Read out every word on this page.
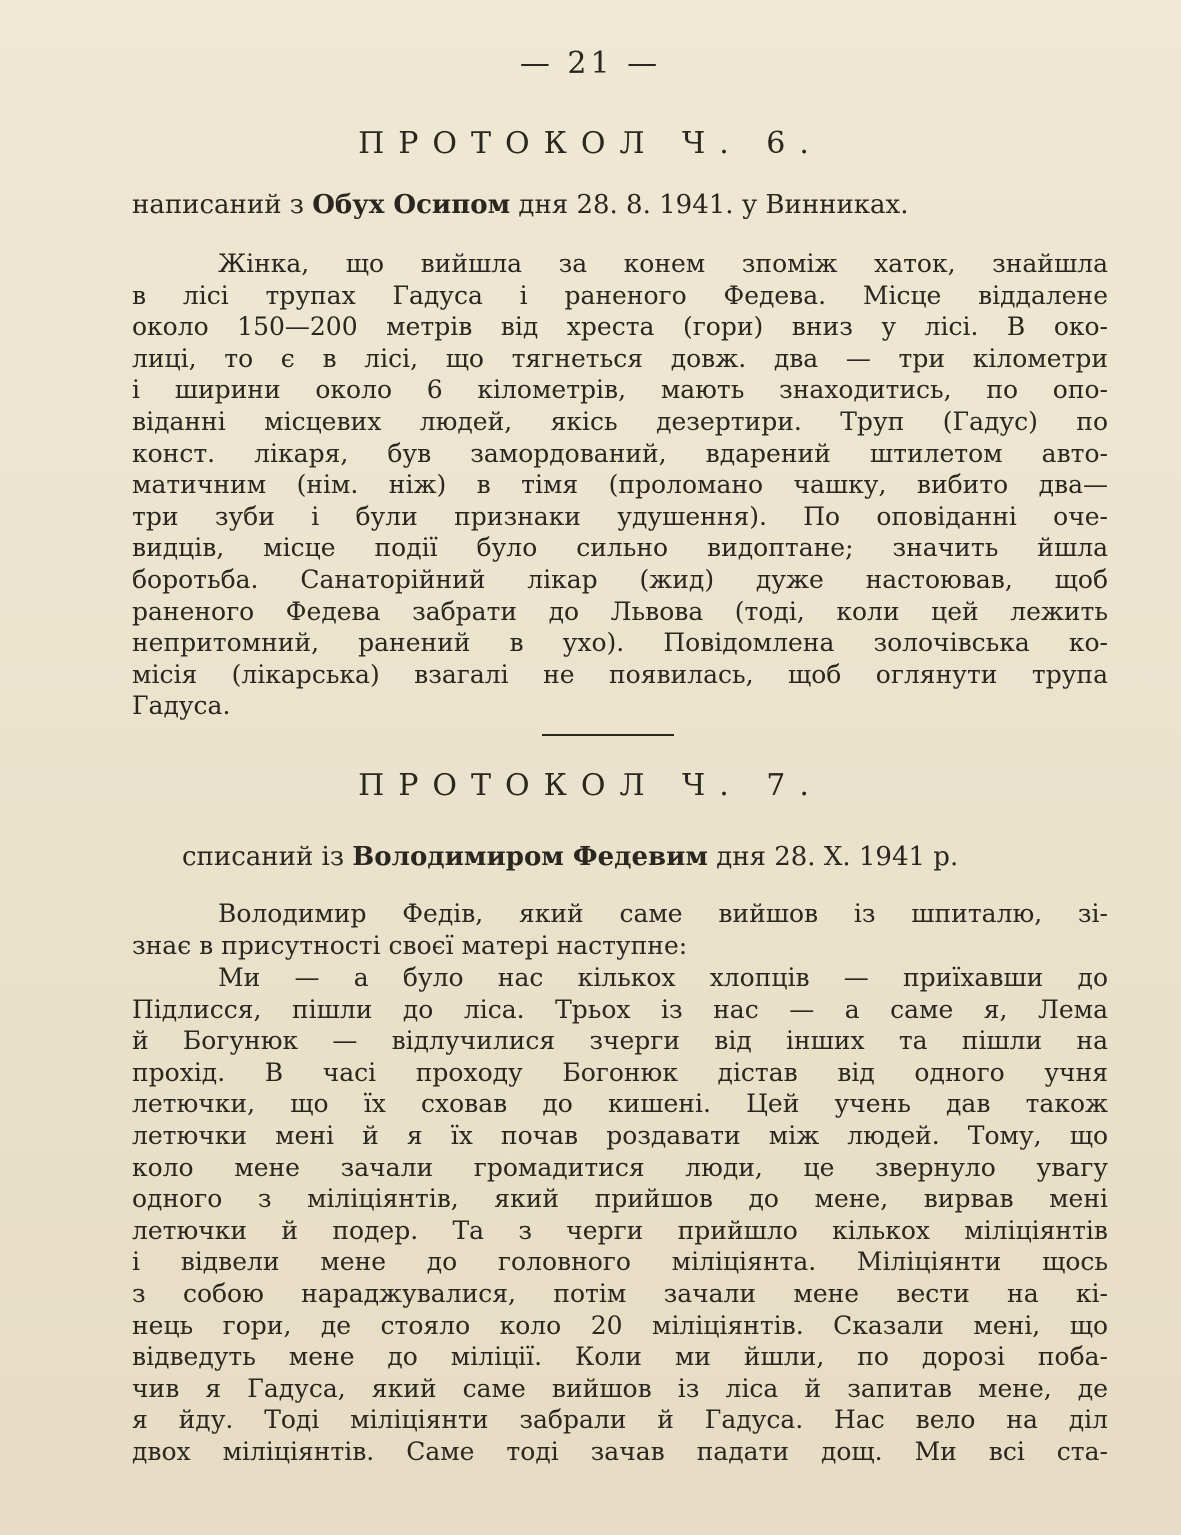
— 21 —
ПРОТОКОЛ Ч. 6.
написаний з Обух Осипом дня 28. 8. 1941. у Винниках.
Жінка, що вийшла за конем зпоміж хаток, знайшла
в лісі трупах Гадуса і раненого Федева. Місце віддалене
около 150—200 метрів від хреста (гори) вниз у лісі. В око-
лиці, то є в лісі, що тягнеться довж. два — три кілометри
і ширини около 6 кілометрів, мають знаходитись, по опо-
віданні місцевих людей, якісь дезертири. Труп (Гадус) по
конст. лікаря, був замордований, вдарений штилетом авто-
матичним (нім. ніж) в тімя (проломано чашку, вибито два—
три зуби і були признаки удушення). По оповіданні оче-
видців, місце події було сильно видоптане; значить йшла
боротьба. Санаторійний лікар (жид) дуже настоював, щоб
раненого Федева забрати до Львова (тоді, коли цей лежить
непритомний, ранений в ухо). Повідомлена золочівська ко-
місія (лікарська) взагалі не появилась, щоб оглянути трупа
Гадуса.
ПРОТОКОЛ Ч. 7.
списаний із Володимиром Федевим дня 28. X. 1941 р.
Володимир Федів, який саме вийшов із шпиталю, зі-
знає в присутності своєї матері наступне:
Ми — а було нас кількох хлопців — приїхавши до
Підлисся, пішли до ліса. Трьох із нас — а саме я, Лема
й Богунюк — відлучилися зчерги від інших та пішли на
прохід. В часі проходу Богонюк дістав від одного учня
летючки, що їх сховав до кишені. Цей учень дав також
летючки мені й я їх почав роздавати між людей. Тому, що
коло мене зачали громадитися люди, це звернуло увагу
одного з міліціянтів, який прийшов до мене, вирвав мені
летючки й подер. Та з черги прийшло кількох міліціянтів
і відвели мене до головного міліціянта. Міліціянти щось
з собою нараджувалися, потім зачали мене вести на кі-
нець гори, де стояло коло 20 міліціянтів. Сказали мені, що
відведуть мене до міліції. Коли ми йшли, по дорозі поба-
чив я Гадуса, який саме вийшов із ліса й запитав мене, де
я йду. Тоді міліціянти забрали й Гадуса. Нас вело на діл
двох міліціянтів. Саме тоді зачав падати дощ. Ми всі ста-
